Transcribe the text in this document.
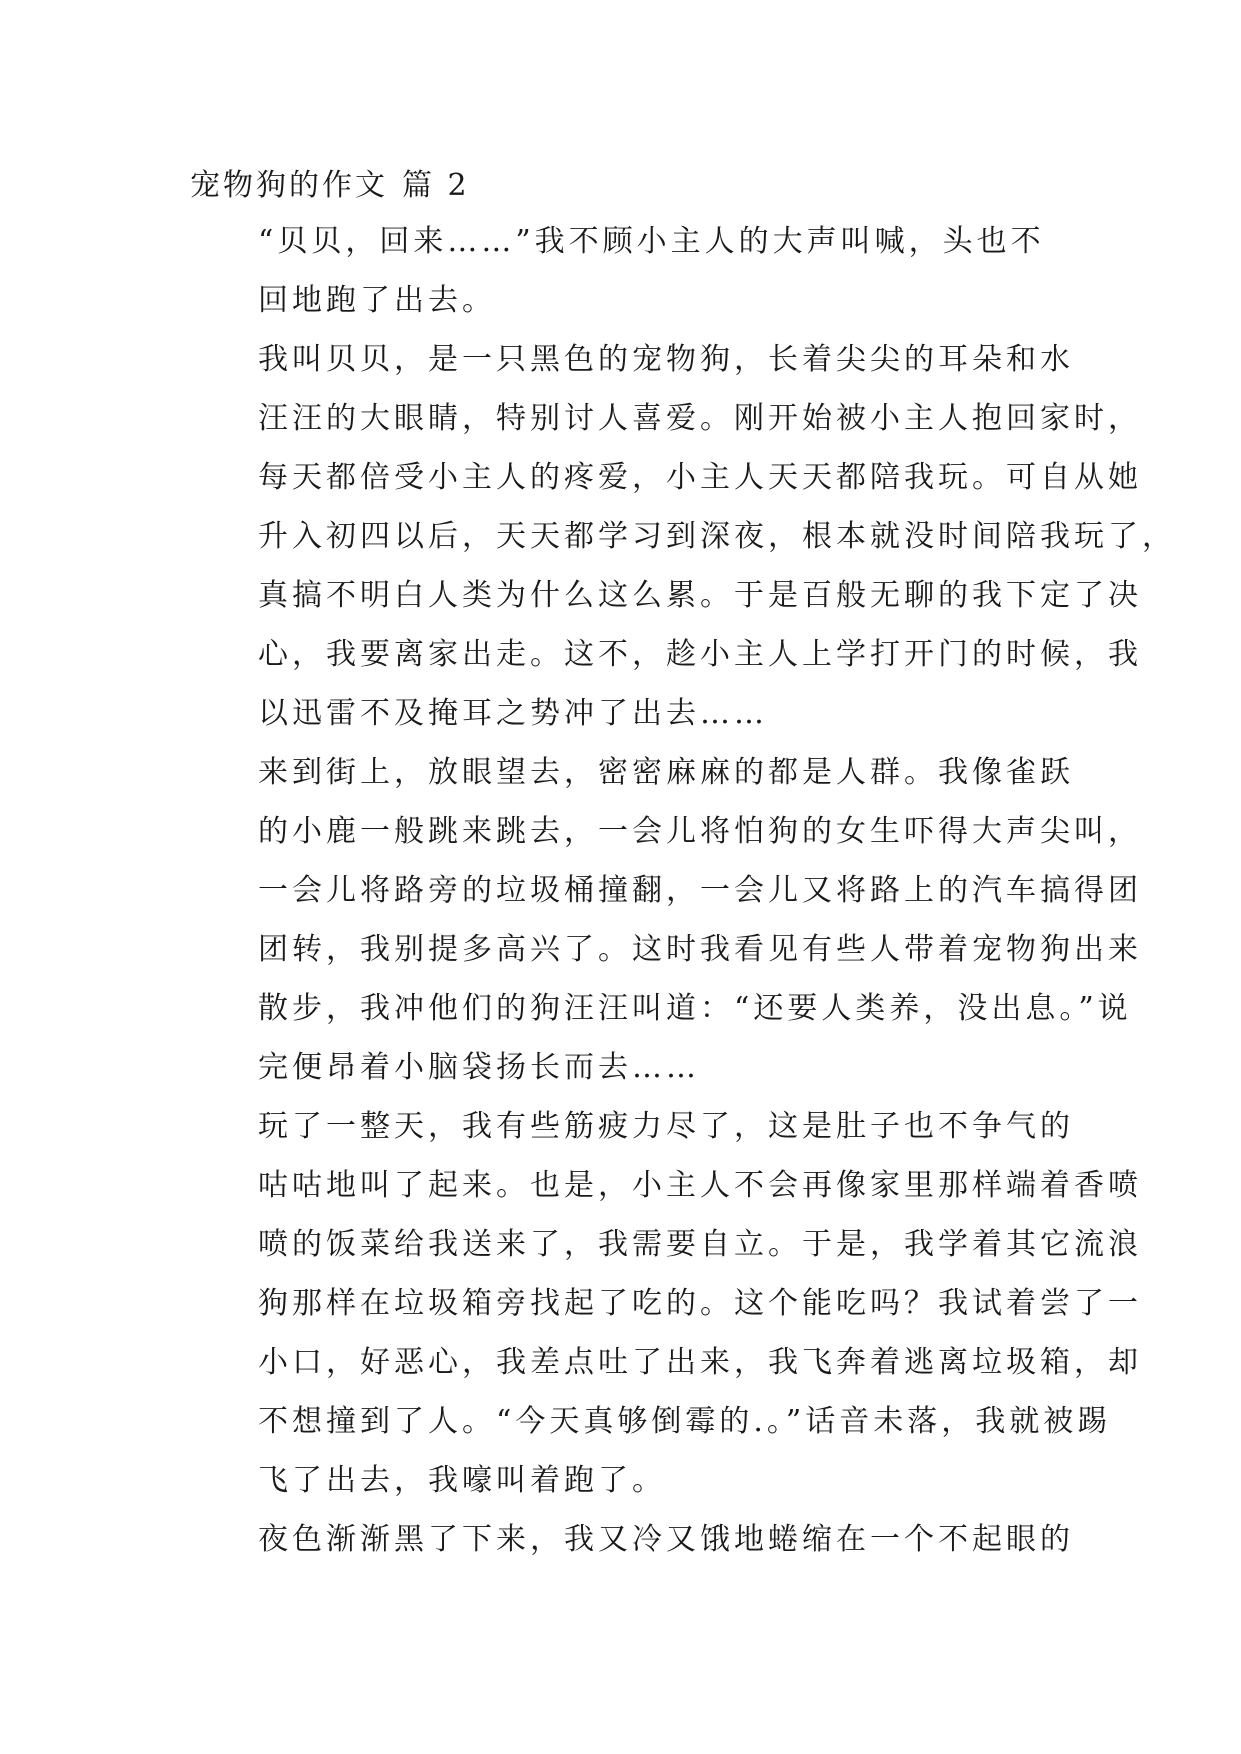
宠物狗的作文 篇 2

“贝贝，回来……”我不顾小主人的大声叫喊，头也不
回地跑了出去。

我叫贝贝，是一只黑色的宠物狗，长着尖尖的耳朵和水
汪汪的大眼睛，特别讨人喜爱。刚开始被小主人抱回家时，
每天都倍受小主人的疼爱，小主人天天都陪我玩。可自从她
升入初四以后，天天都学习到深夜，根本就没时间陪我玩了，
真搞不明白人类为什么这么累。于是百般无聊的我下定了决
心，我要离家出走。这不，趁小主人上学打开门的时候，我
以迅雷不及掩耳之势冲了出去……

来到街上，放眼望去，密密麻麻的都是人群。我像雀跃
的小鹿一般跳来跳去，一会儿将怕狗的女生吓得大声尖叫，
一会儿将路旁的垃圾桶撞翻，一会儿又将路上的汽车搞得团
团转，我别提多高兴了。这时我看见有些人带着宠物狗出来
散步，我冲他们的狗汪汪叫道：“还要人类养，没出息。”说
完便昂着小脑袋扬长而去……

玩了一整天，我有些筋疲力尽了，这是肚子也不争气的
咕咕地叫了起来。也是，小主人不会再像家里那样端着香喷
喷的饭菜给我送来了，我需要自立。于是，我学着其它流浪
狗那样在垃圾箱旁找起了吃的。这个能吃吗？我试着尝了一
小口，好恶心，我差点吐了出来，我飞奔着逃离垃圾箱，却
不想撞到了人。“今天真够倒霉的.。”话音未落，我就被踢
飞了出去，我嚎叫着跑了。

夜色渐渐黑了下来，我又冷又饿地蜷缩在一个不起眼的
